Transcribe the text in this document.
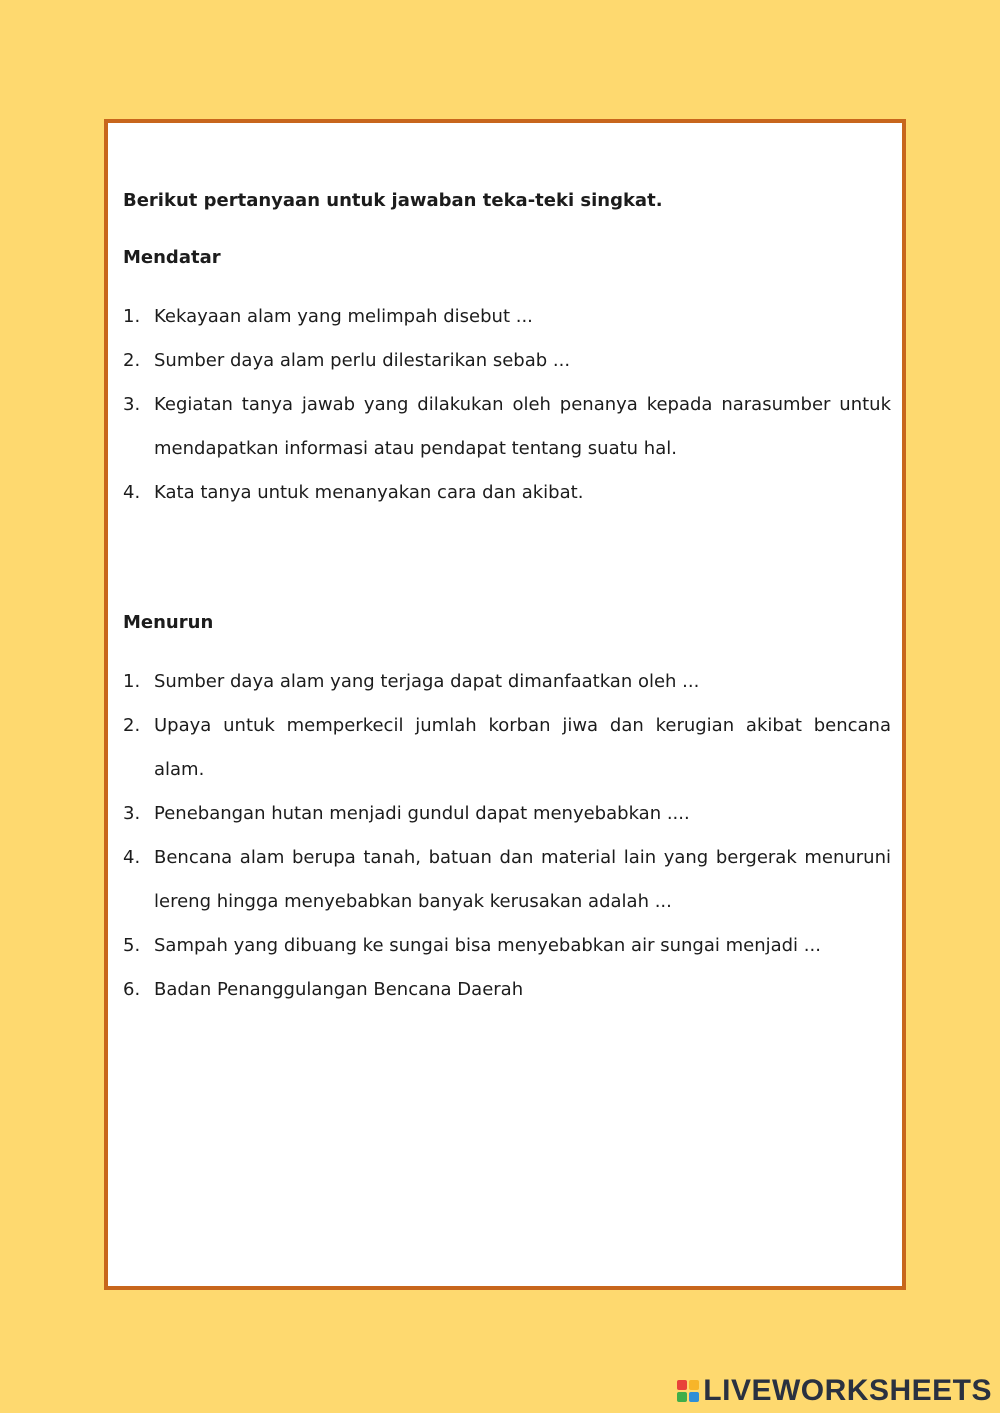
Berikut pertanyaan untuk jawaban teka-teki singkat.

Mendatar
1. Kekayaan alam yang melimpah disebut ...
2. Sumber daya alam perlu dilestarikan sebab ...
3. Kegiatan tanya jawab yang dilakukan oleh penanya kepada narasumber untuk mendapatkan informasi atau pendapat tentang suatu hal.
4. Kata tanya untuk menanyakan cara dan akibat.
Menurun
1. Sumber daya alam yang terjaga dapat dimanfaatkan oleh ...
2. Upaya untuk memperkecil jumlah korban jiwa dan kerugian akibat bencana alam.
3. Penebangan hutan menjadi gundul dapat menyebabkan ....
4. Bencana alam berupa tanah, batuan dan material lain yang bergerak menuruni lereng hingga menyebabkan banyak kerusakan adalah ...
5. Sampah yang dibuang ke sungai bisa menyebabkan air sungai menjadi ...
6. Badan Penanggulangan Bencana Daerah
LIVEWORKSHEETS
